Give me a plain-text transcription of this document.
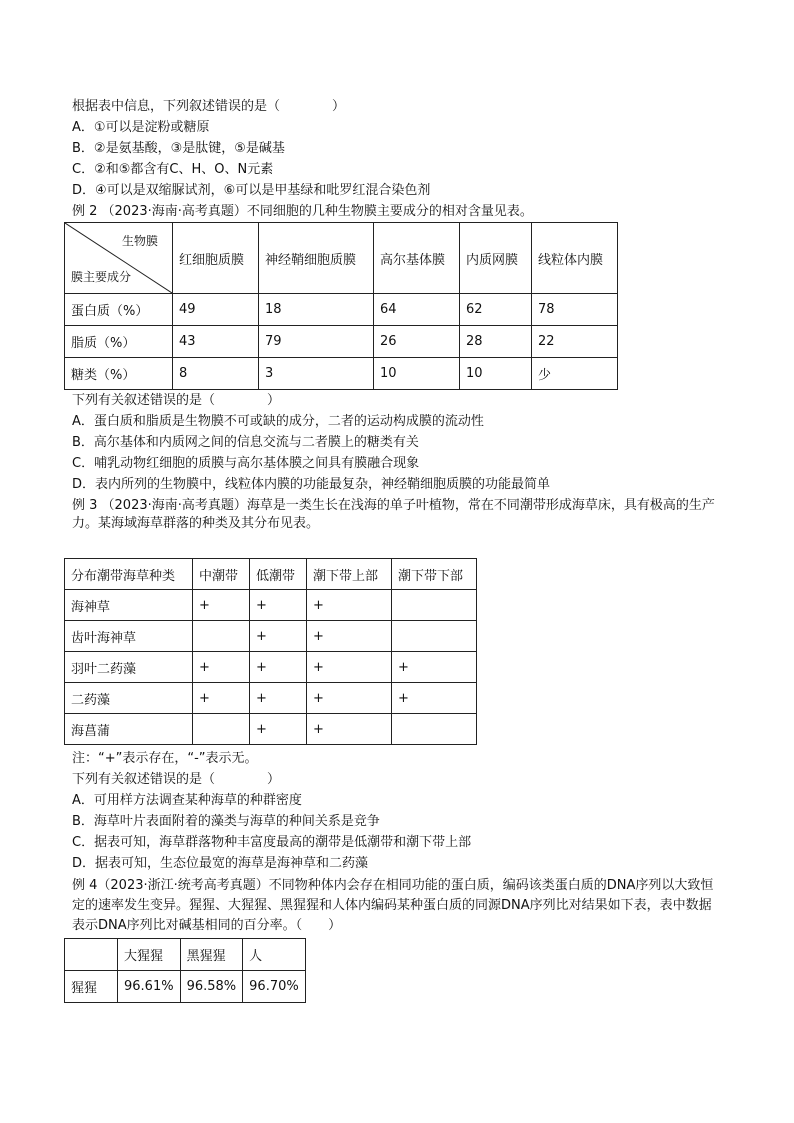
根据表中信息，下列叙述错误的是（　　　　）
A．①可以是淀粉或糖原
B．②是氨基酸，③是肽键，⑤是碱基
C．②和⑤都含有C、H、O、N元素
D．④可以是双缩脲试剂，⑥可以是甲基绿和吡罗红混合染色剂
例 2 （2023·海南·高考真题）不同细胞的几种生物膜主要成分的相对含量见表。
生物膜
膜主要成分	红细胞质膜	神经鞘细胞质膜	高尔基体膜	内质网膜	线粒体内膜
蛋白质（%）	49	18	64	62	78
脂质（%）	43	79	26	28	22
糖类（%）	8	3	10	10	少
下列有关叙述错误的是（　　　　）
A．蛋白质和脂质是生物膜不可或缺的成分，二者的运动构成膜的流动性
B．高尔基体和内质网之间的信息交流与二者膜上的糖类有关
C．哺乳动物红细胞的质膜与高尔基体膜之间具有膜融合现象
D．表内所列的生物膜中，线粒体内膜的功能最复杂，神经鞘细胞质膜的功能最简单
例 3 （2023·海南·高考真题）海草是一类生长在浅海的单子叶植物，常在不同潮带形成海草床，具有极高的生产力。某海域海草群落的种类及其分布见表。
分布潮带海草种类	中潮带	低潮带	潮下带上部	潮下带下部
海神草	+	+	+	
齿叶海神草		+	+	
羽叶二药藻	+	+	+	+
二药藻	+	+	+	+
海菖蒲		+	+	
注：“+”表示存在，“-”表示无。
下列有关叙述错误的是（　　　　）
A．可用样方法调查某种海草的种群密度
B．海草叶片表面附着的藻类与海草的种间关系是竞争
C．据表可知，海草群落物种丰富度最高的潮带是低潮带和潮下带上部
D．据表可知，生态位最宽的海草是海神草和二药藻
例 4（2023·浙江·统考高考真题）不同物种体内会存在相同功能的蛋白质，编码该类蛋白质的DNA序列以大致恒定的速率发生变异。猩猩、大猩猩、黑猩猩和人体内编码某种蛋白质的同源DNA序列比对结果如下表，表中数据表示DNA序列比对碱基相同的百分率。（　　）
	大猩猩	黑猩猩	人
猩猩	96.61%	96.58%	96.70%
